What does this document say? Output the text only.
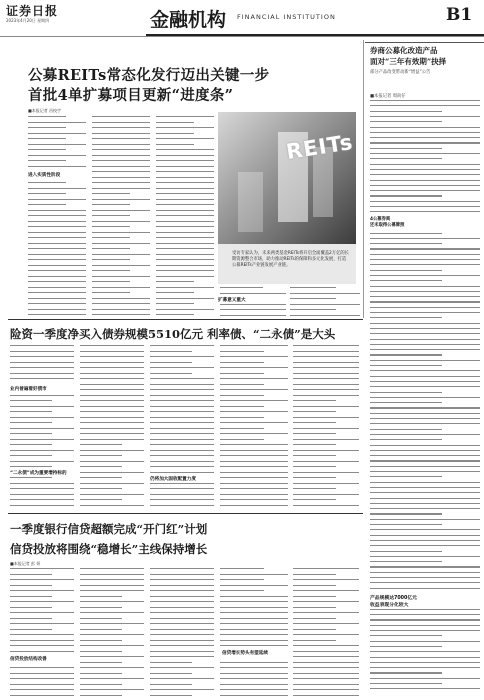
证券日报
2023年4月20日 星期四	金融机构 FINANCIAL INSTITUTION	B1
公募REITs常态化发行迈出关键一步
首批4单扩募项目更新“进度条”
■本报记者 昌校宇
进入实质性阶段
扩募意义重大
REITs
受访专家认为，未来两类基金REITs将开启全面覆盖2万亿的长期资源整合市场，助力推动REITs的保障和多元化发展，打造公募REITs产业链发展产业链。
券商公募化改造产品
面对“三年有效期”抉择
部分产品改变带动新“增益”公告
■本报记者 周尚仔
4公募券商
还未取得公募牌照
产品规模达7000亿元
收益表现分化较大
险资一季度净买入债券规模5510亿元 利率债、“二永债”是大头
业内普遍看好债市
“二永债”成为重要增持标的
仍将加大固收配置力度
一季度银行信贷超额完成“开门红”计划
信贷投放将围绕“稳增长”主线保持增长
■本报记者 彭 妍
信贷投放结构改善
信贷增长势头有望延续
